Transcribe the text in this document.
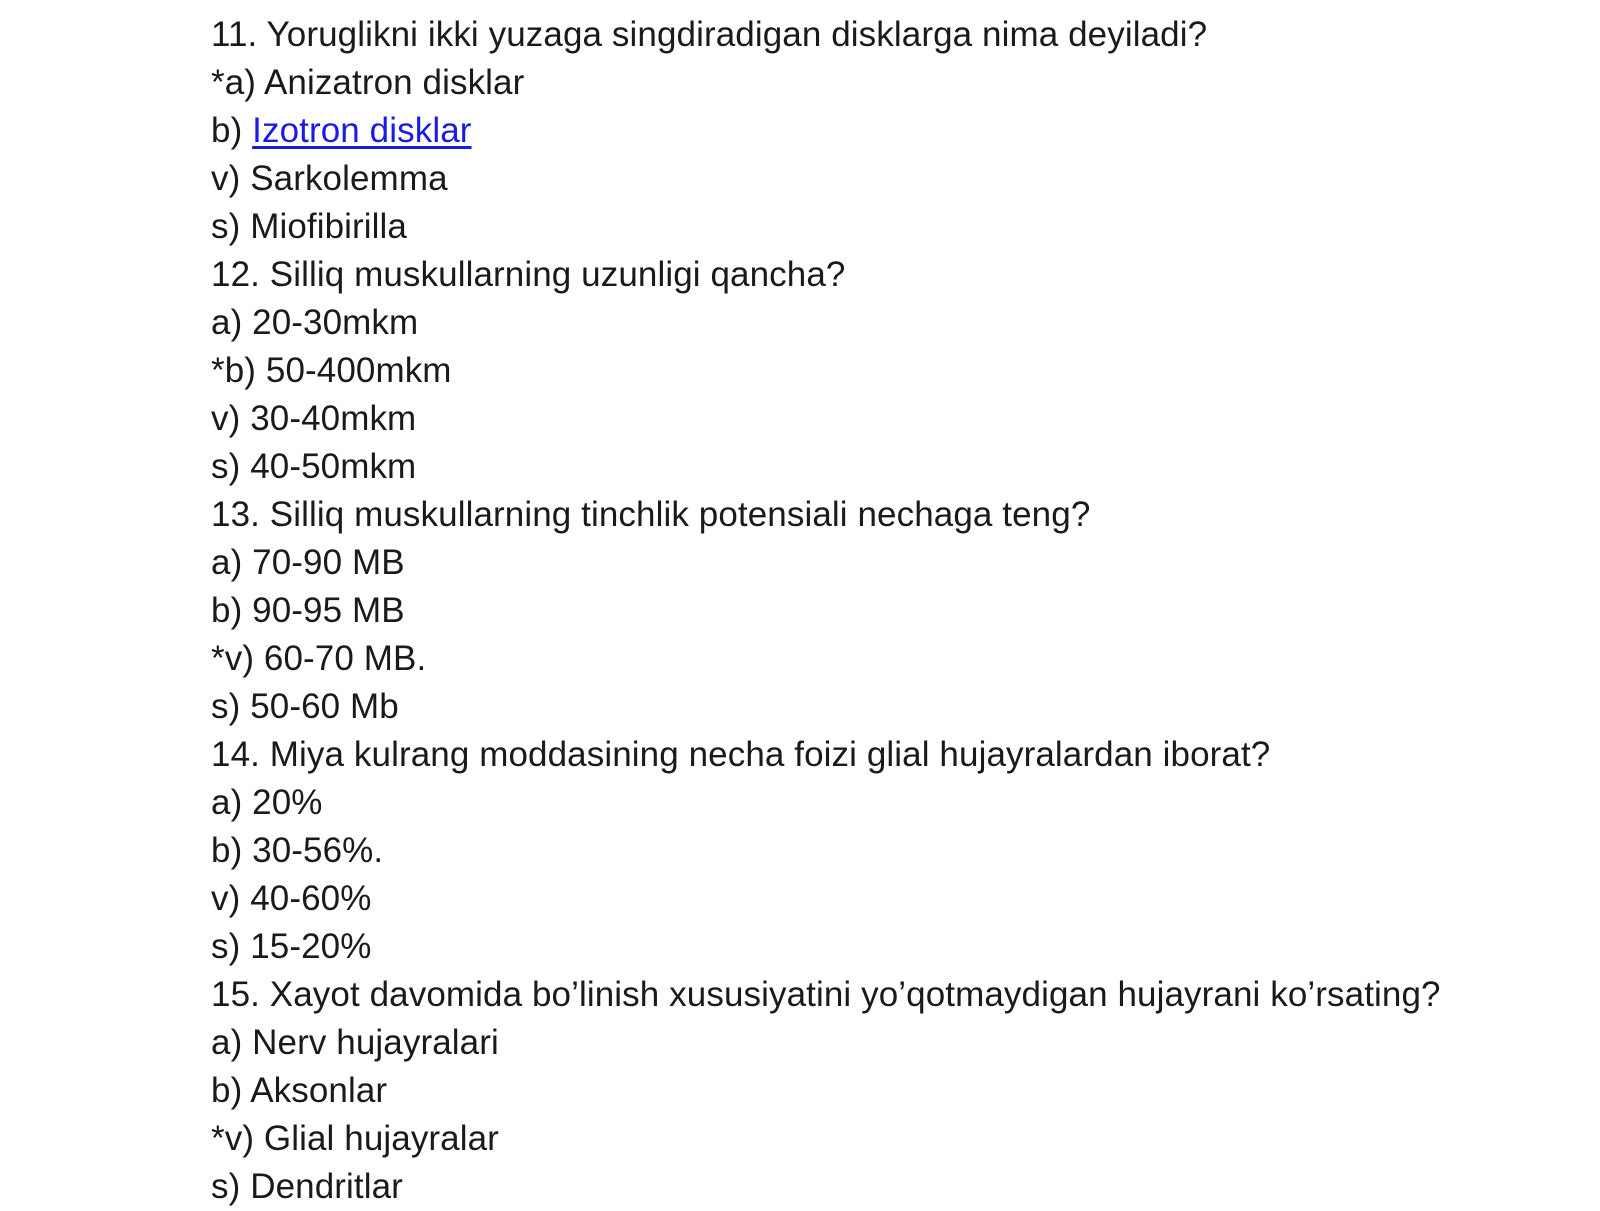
11. Yoruglikni ikki yuzaga singdiradigan disklarga nima deyiladi?
*a) Anizatron disklar
b) Izotron disklar
v) Sarkolemma
s) Miofibirilla
12. Silliq muskullarning uzunligi qancha?
a) 20-30mkm
*b) 50-400mkm
v) 30-40mkm
s) 40-50mkm
13. Silliq muskullarning tinchlik potensiali nechaga teng?
a) 70-90 MB
b) 90-95 MB
*v) 60-70 MB.
s) 50-60 Mb
14. Miya kulrang moddasining necha foizi glial hujayralardan iborat?
a) 20%
b) 30-56%.
v) 40-60%
s) 15-20%
15. Xayot davomida bo’linish xususiyatini yo’qotmaydigan hujayrani ko’rsating?
a) Nerv hujayralari
b) Aksonlar
*v) Glial hujayralar
s) Dendritlar
